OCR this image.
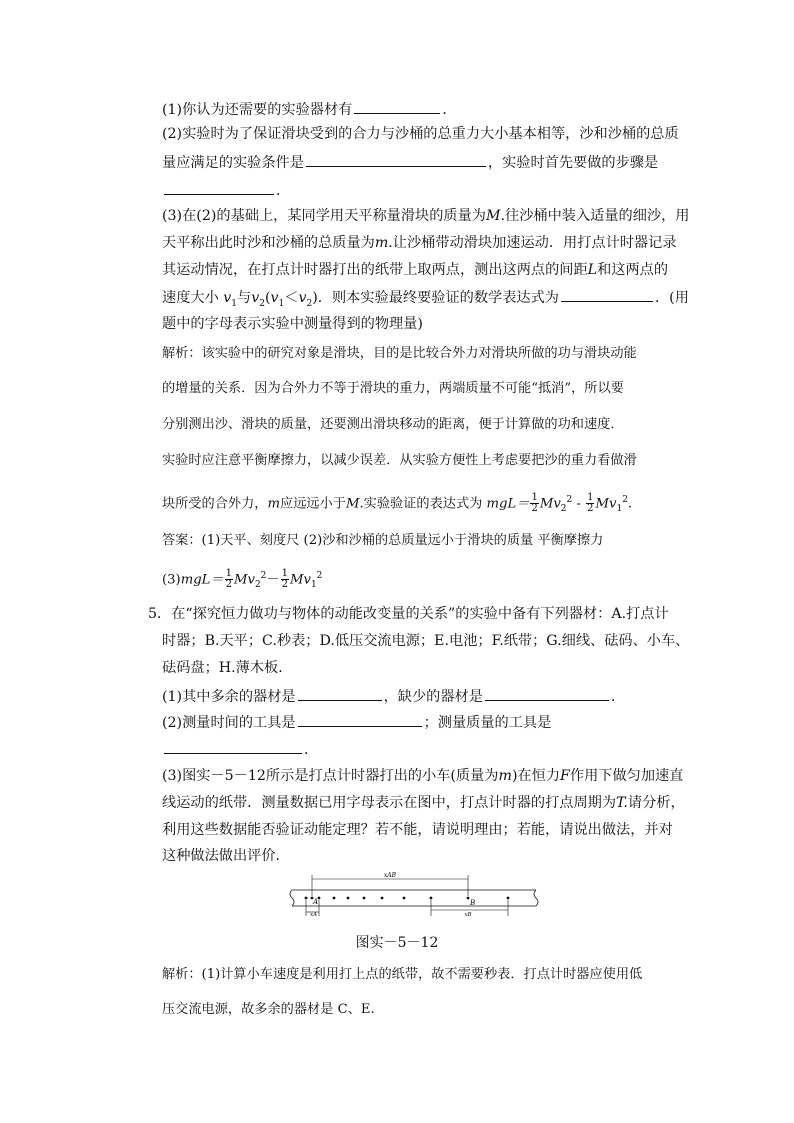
(1)你认为还需要的实验器材有	．
(2)实验时为了保证滑块受到的合力与沙桶的总重力大小基本相等，沙和沙桶的总质
量应满足的实验条件是	，实验时首先要做的步骤是
．
(3)在(2)的基础上，某同学用天平称量滑块的质量为M.往沙桶中装入适量的细沙，用
天平称出此时沙和沙桶的总质量为m.让沙桶带动滑块加速运动．用打点计时器记录
其运动情况，在打点计时器打出的纸带上取两点，测出这两点的间距L和这两点的
速度大小 $v_1$与$v_2(v_1<v_2)$．则本实验最终要验证的数学表达式为	．(用
题中的字母表示实验中测量得到的物理量)
解析：该实验中的研究对象是滑块，目的是比较合外力对滑块所做的功与滑块动能
的增量的关系．因为合外力不等于滑块的重力，两端质量不可能“抵消”，所以要
分别测出沙、滑块的质量，还要测出滑块移动的距离，便于计算做的功和速度．
实验时应注意平衡摩擦力，以减少误差．从实验方便性上考虑要把沙的重力看做滑
块所受的合外力，m应远远小于M.实验验证的表达式为 $mgL= \frac{1}{2} Mv_2^2 - \frac{1}{2} Mv_1^2$.
答案：(1)天平、刻度尺 (2)沙和沙桶的总质量远小于滑块的质量 平衡摩擦力
$(3)mgL= \frac{1}{2} Mv_2^2- \frac{1}{2} Mv_1^2$
5．在“探究恒力做功与物体的动能改变量的关系”的实验中备有下列器材：A.打点计
时器；B.天平；C.秒表；D.低压交流电源；E.电池；F.纸带；G.细线、砝码、小车、
砝码盘；H.薄木板．
(1)其中多余的器材是	，缺少的器材是	．
(2)测量时间的工具是	；测量质量的工具是
．
(3)图实－5－12所示是打点计时器打出的小车(质量为m)在恒力F作用下做匀加速直
线运动的纸带．测量数据已用字母表示在图中，打点计时器的打点周期为T.请分析，
利用这些数据能否验证动能定理？若不能，请说明理由；若能，请说出做法，并对
这种做法做出评价．
xAB
A	B
xA	xB
图实－5－12
解析：(1)计算小车速度是利用打上点的纸带，故不需要秒表．打点计时器应使用低
压交流电源，故多余的器材是 C、E.
